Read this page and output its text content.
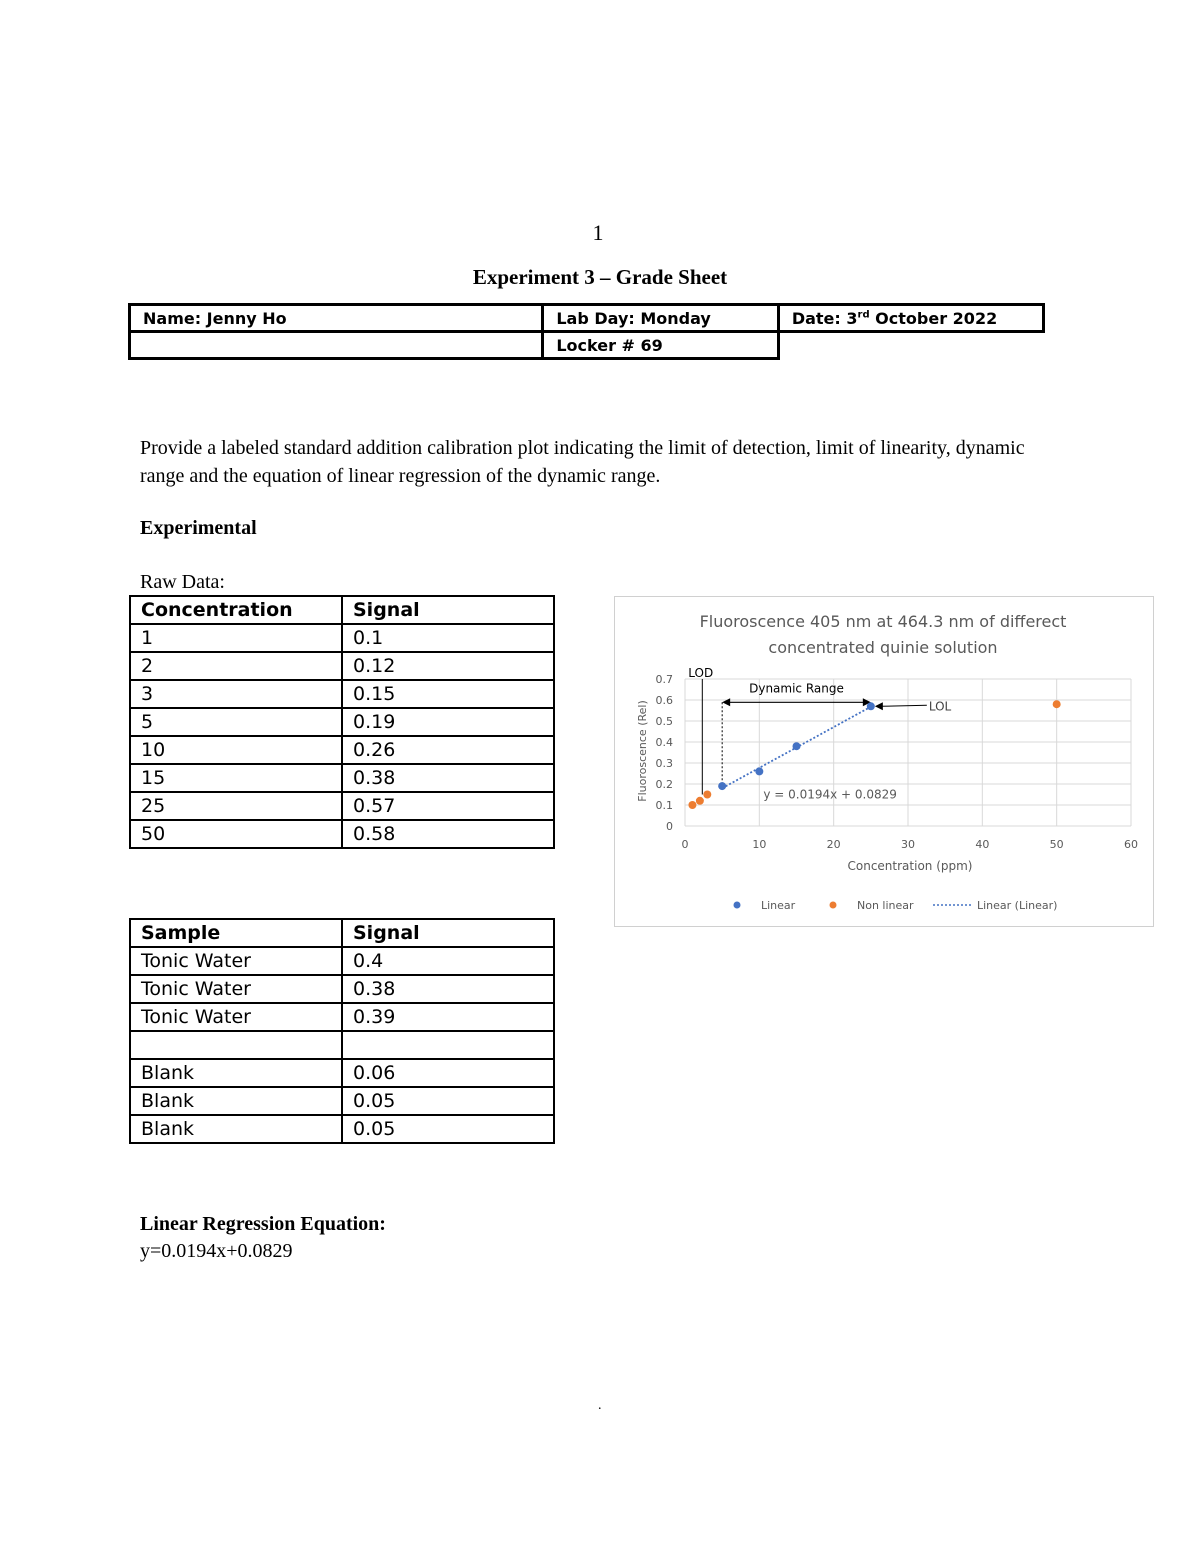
1
Experiment 3 – Grade Sheet
Name: Jenny Ho	Lab Day: Monday	Date: 3rd October 2022
	Locker # 69	
Provide a labeled standard addition calibration plot indicating the limit of detection, limit of linearity, dynamic range and the equation of linear regression of the dynamic range.
Experimental
Raw Data:
Concentration	Signal
1	0.1
2	0.12
3	0.15
5	0.19
10	0.26
15	0.38
25	0.57
50	0.58
Sample	Signal
Tonic Water	0.4
Tonic Water	0.38
Tonic Water	0.39

Blank	0.06
Blank	0.05
Blank	0.05
Linear Regression Equation:
y=0.0194x+0.0829
.
Fluoroscence 405 nm at 464.3 nm of differect
concentrated quinie solution
0
0.1
0.2
0.3
0.4
0.5
0.6
0.7
0	10	20	30	40	50	60
Fluoroscence (Rel)
Concentration (ppm)
LOD
Dynamic Range
LOL
y = 0.0194x + 0.0829
Linear	Non linear	Linear (Linear)
